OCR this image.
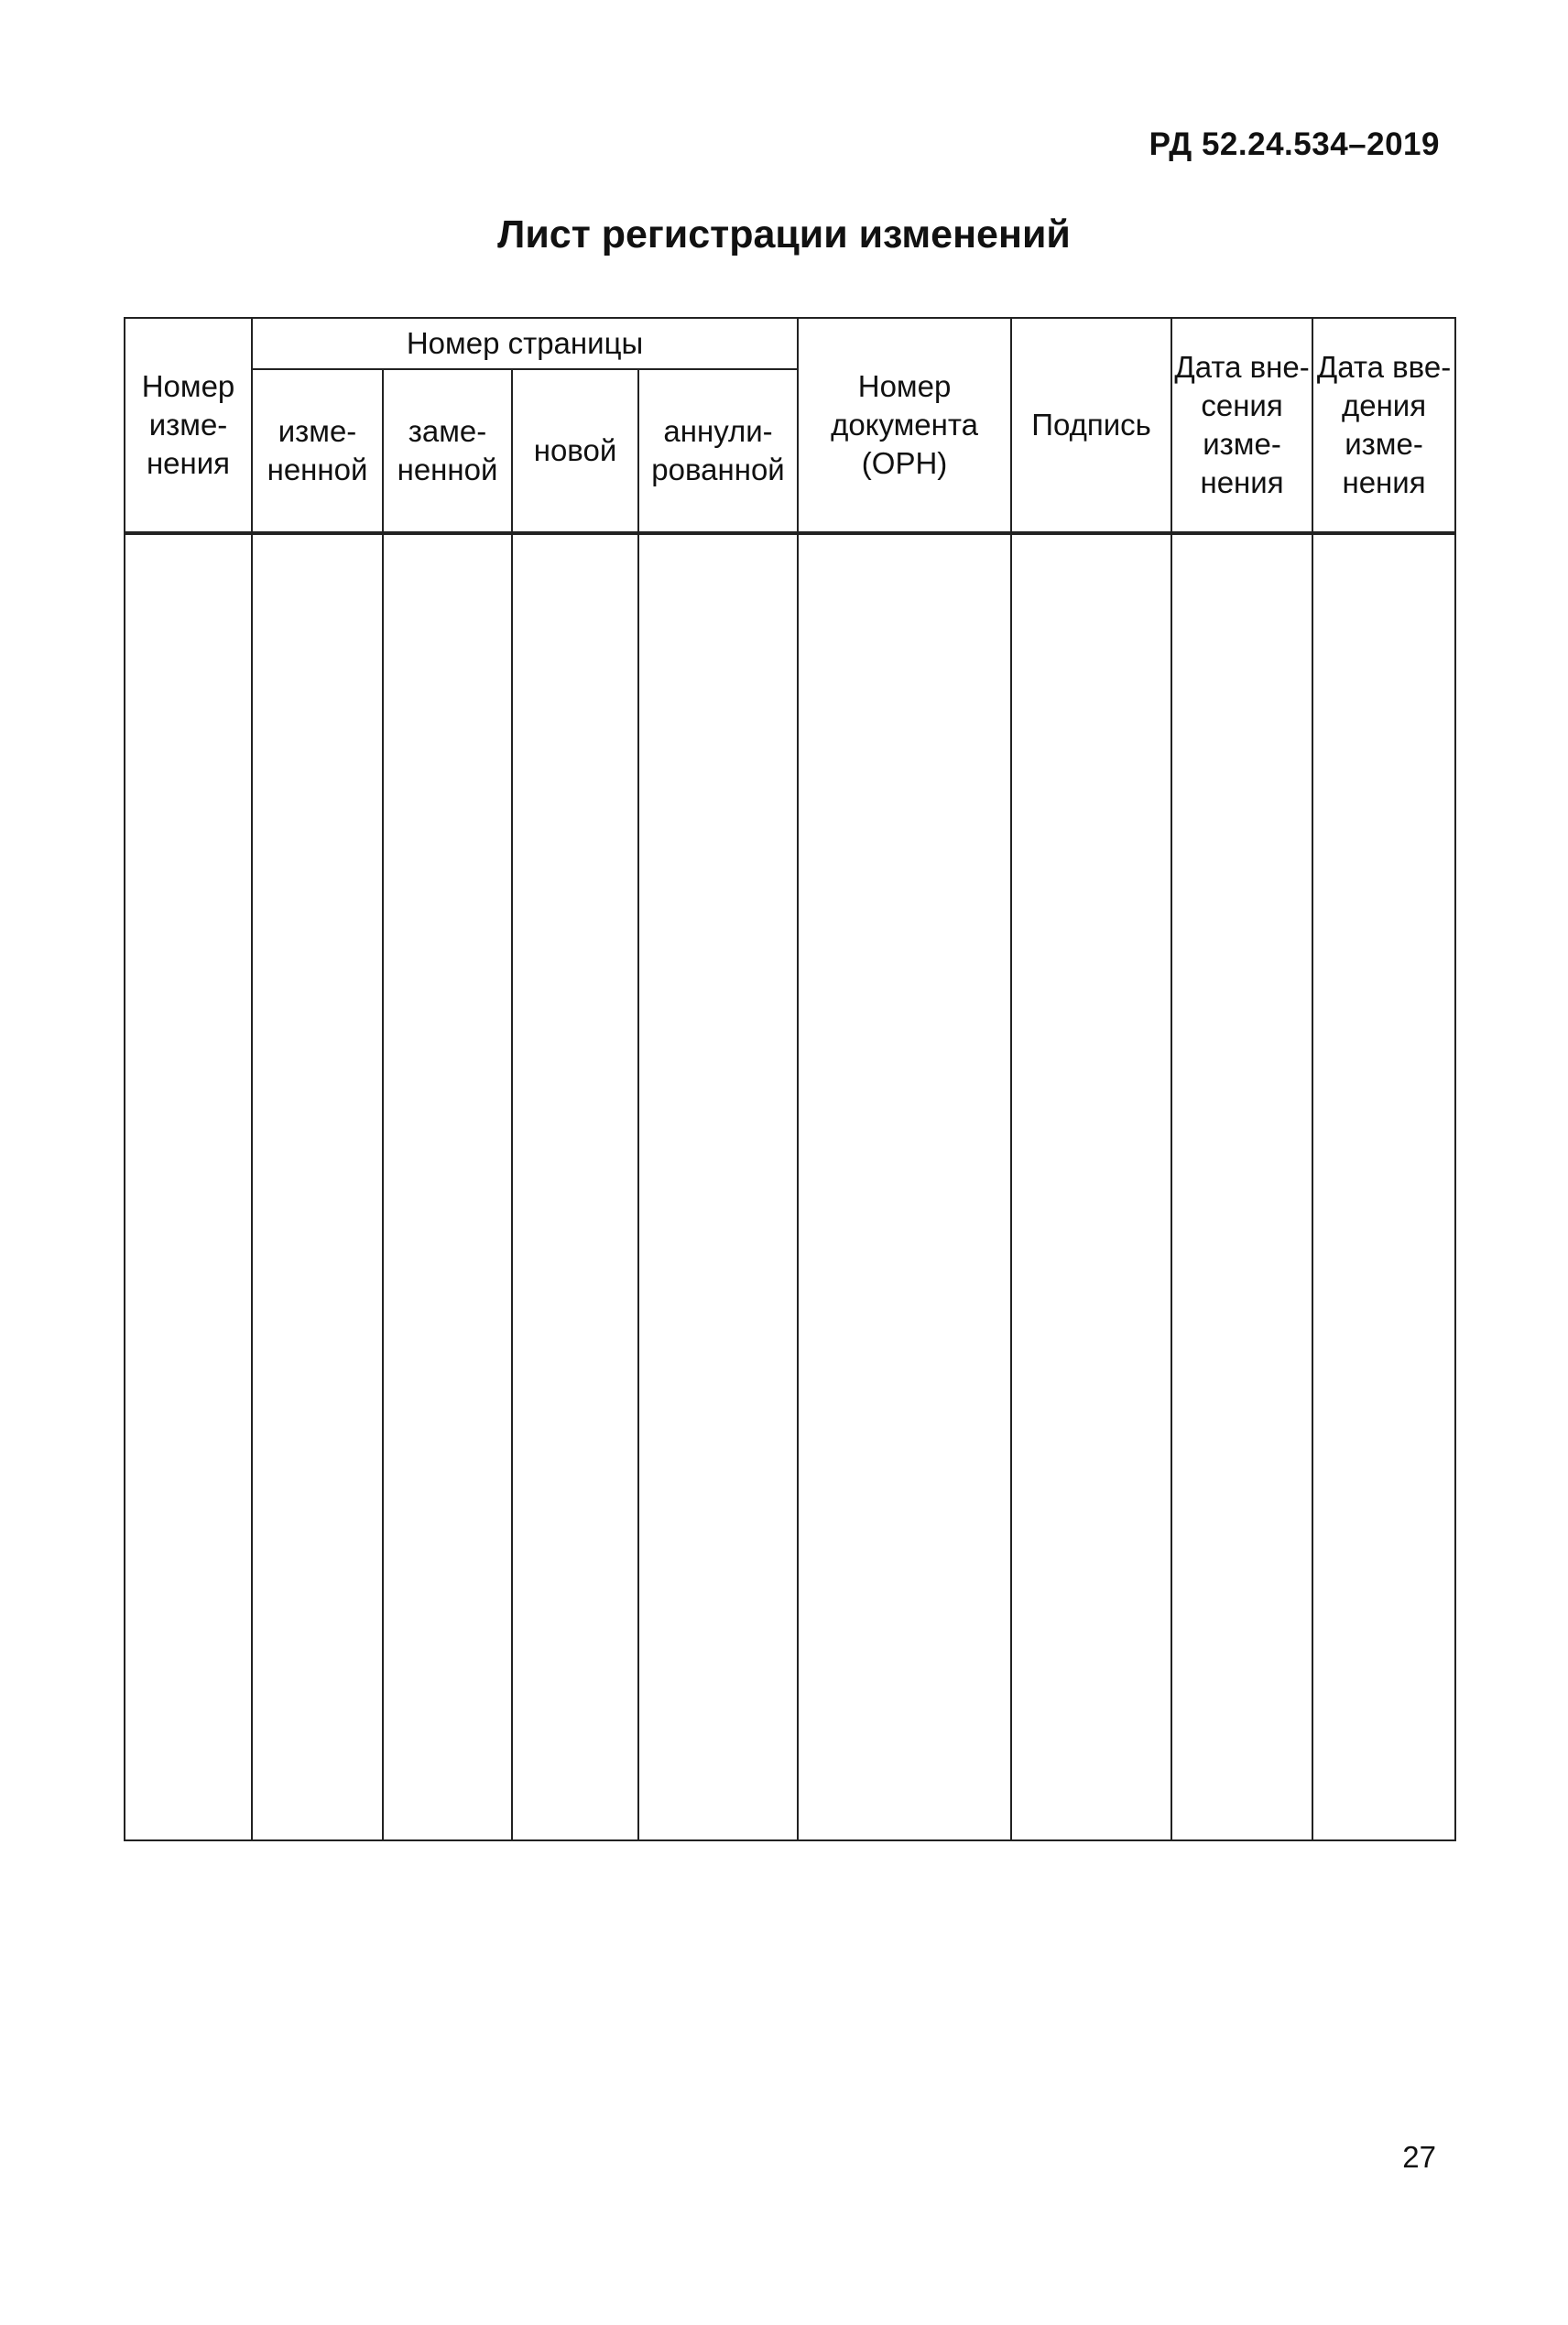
РД 52.24.534–2019
Лист регистрации изменений
Номер изменения	Номер страницы				Номер документа (ОРН)	Подпись	Дата внесения изменения	Дата введения изменения
	измененной	замененной	новой	аннулированной				

27
